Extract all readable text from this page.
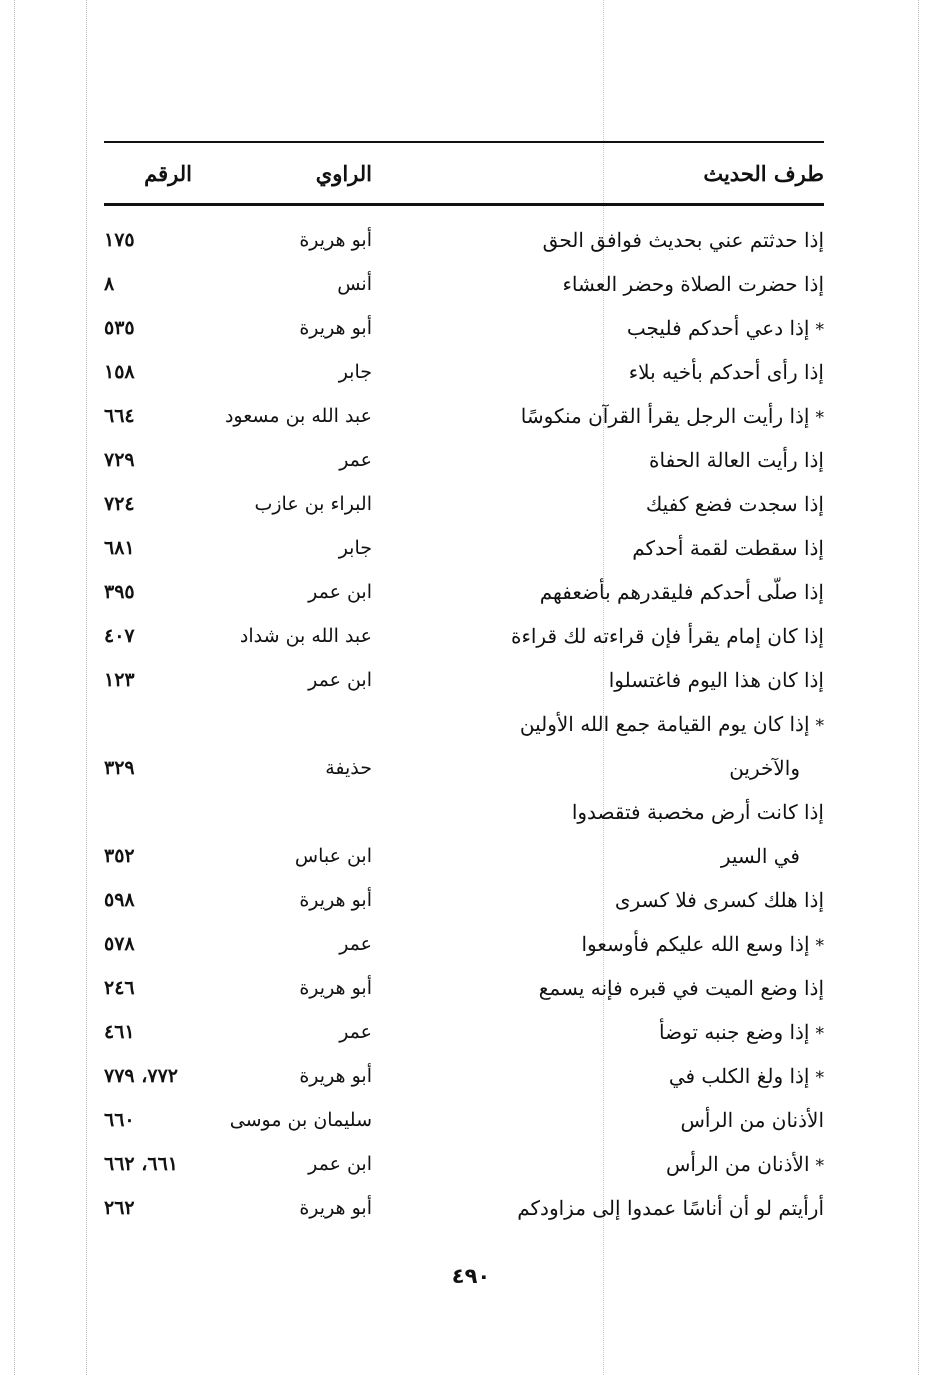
طرف الحديث
الراوي
الرقم
إذا حدثتم عني بحديث فوافق الحق
أبو هريرة
١٧٥
إذا حضرت الصلاة وحضر العشاء
أنس
٨
*إذا دعي أحدكم فليجب
أبو هريرة
٥٣٥
إذا رأى أحدكم بأخيه بلاء
جابر
١٥٨
*إذا رأيت الرجل يقرأ القرآن منكوسًا
عبد الله بن مسعود
٦٦٤
إذا رأيت العالة الحفاة
عمر
٧٢٩
إذا سجدت فضع كفيك
البراء بن عازب
٧٢٤
إذا سقطت لقمة أحدكم
جابر
٦٨١
إذا صلّى أحدكم فليقدرهم بأضعفهم
ابن عمر
٣٩٥
إذا كان إمام يقرأ فإن قراءته لك قراءة
عبد الله بن شداد
٤٠٧
إذا كان هذا اليوم فاغتسلوا
ابن عمر
١٢٣
*إذا كان يوم القيامة جمع الله الأولين
والآخرين
حذيفة
٣٢٩
إذا كانت أرض مخصبة فتقصدوا
في السير
ابن عباس
٣٥٢
إذا هلك كسرى فلا كسرى
أبو هريرة
٥٩٨
*إذا وسع الله عليكم فأوسعوا
عمر
٥٧٨
إذا وضع الميت في قبره فإنه يسمع
أبو هريرة
٢٤٦
*إذا وضع جنبه توضأ
عمر
٤٦١
*إذا ولغ الكلب في
أبو هريرة
٧٧٢، ٧٧٩
الأذنان من الرأس
سليمان بن موسى
٦٦٠
*الأذنان من الرأس
ابن عمر
٦٦١، ٦٦٢
أرأيتم لو أن أناسًا عمدوا إلى مزاودكم
أبو هريرة
٢٦٢
٤٩٠
